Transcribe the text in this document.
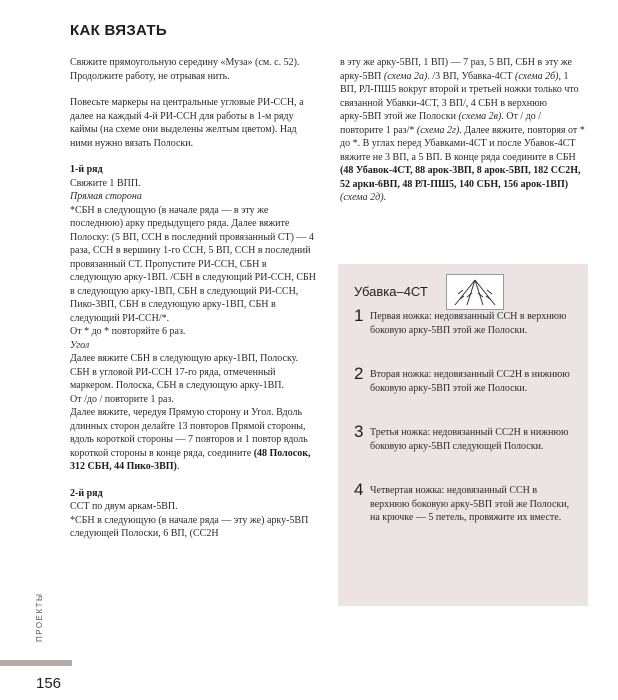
КАК ВЯЗАТЬ

Свяжите прямоугольную середину «Муза» (см. с. 52). Продолжите работу, не отрывая нить.

Повесьте маркеры на центральные угловые РИ-ССН, а далее на каждый 4-й РИ-ССН для работы в 1-м ряду каймы (на схеме они выделены желтым цветом). Над ними нужно вязать Полоски.

1-й ряд

Свяжите 1 ВПП.

Прямая сторона

*СБН в следующую (в начале ряда — в эту же последнюю) арку предыдущего ряда. Далее вяжите Полоску: (5 ВП, ССН в последний провязанный СТ) — 4 раза, ССН в вершину 1-го ССН, 5 ВП, ССН в последний провязанный СТ. Пропустите РИ-ССН, СБН в следующую арку-1ВП. /СБН в следующий РИ-ССН, СБН в следующую арку-1ВП, СБН в следующий РИ-ССН, Пико-3ВП, СБН в следующую арку-1ВП, СБН в следующий РИ-ССН/*.

От * до * повторяйте 6 раз.

Угол

Далее вяжите СБН в следующую арку-1ВП, Полоску. СБН в угловой РИ-ССН 17-го ряда, отмеченный маркером. Полоска, СБН в следующую арку-1ВП.

От /до / повторите 1 раз.

Далее вяжите, чередуя Прямую сторону и Угол. Вдоль длинных сторон делайте 13 повторов Прямой стороны, вдоль короткой стороны — 7 повторов и 1 повтор вдоль короткой стороны в конце ряда, соедините (48 Полосок, 312 СБН, 44 Пико-3ВП).

2-й ряд

ССТ по двум аркам-5ВП.

*СБН в следующую (в начале ряда — эту же) арку-5ВП следующей Полоски, 6 ВП, (СС2Н

в эту же арку-5ВП, 1 ВП) — 7 раз, 5 ВП, СБН в эту же арку-5ВП (схема 2а). /3 ВП, Убавка-4СТ (схема 2б), 1 ВП, РЛ-ПШ5 вокруг второй и третьей ножки только что связанной Убавки-4СТ, 3 ВП/, 4 СБН в верхнюю арку-5ВП этой же Полоски (схема 2в). От / до / повторите 1 раз/* (схема 2г). Далее вяжите, повторяя от * до *. В углах перед Убавками-4СТ и после Убавок-4СТ вяжите не 3 ВП, а 5 ВП. В конце ряда соедините в СБН (48 Убавок-4СТ, 88 арок-3ВП, 8 арок-5ВП, 182 СС2Н, 52 арки-6ВП, 48 РЛ-ПШ5, 140 СБН, 156 арок-1ВП) (схема 2д).

Убавка–4СТ
1 Первая ножка: недовязанный ССН в верхнюю боковую арку-5ВП этой же Полоски.

2 Вторая ножка: недовязанный СС2Н в нижнюю боковую арку-5ВП этой же Полоски.

3 Третья ножка: недовязанный СС2Н в нижнюю боковую арку-5ВП следующей Полоски.

4 Четвертая ножка: недовязанный ССН в верхнюю боковую арку-5ВП этой же Полоски, на крючке — 5 петель, провяжите их вместе.

ПРОЕКТЫ
156
